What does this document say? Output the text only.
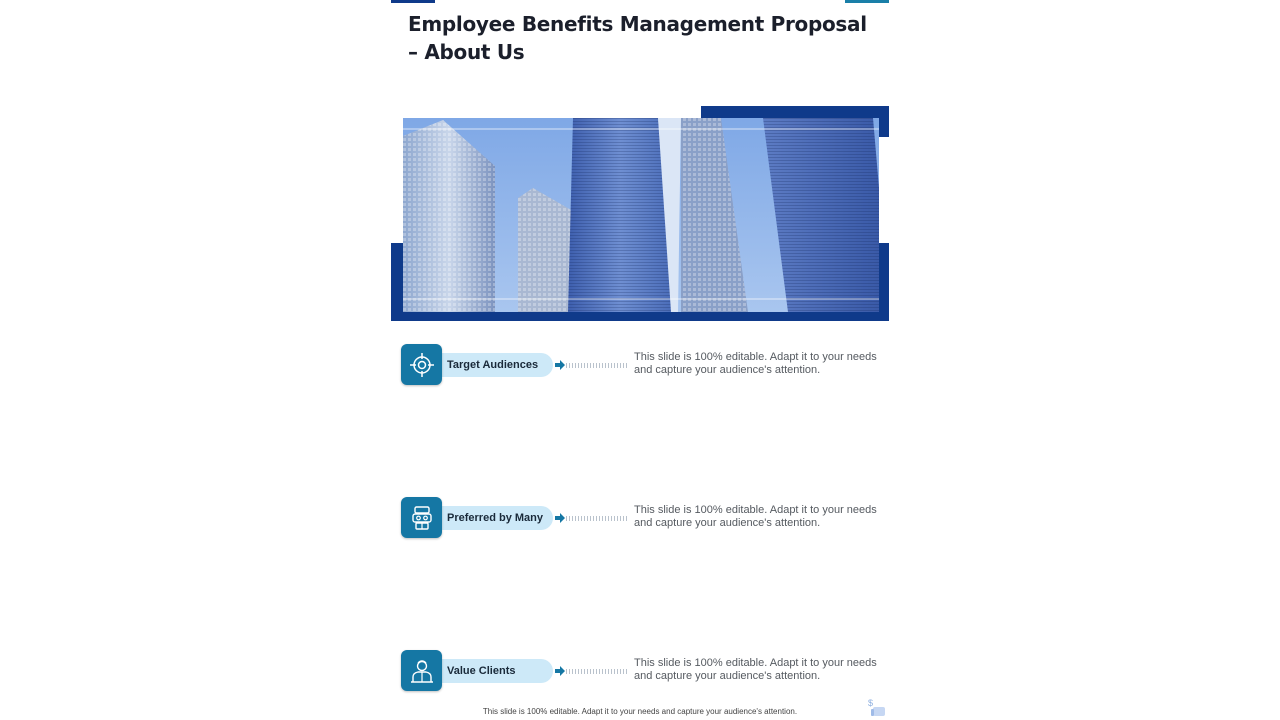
Employee Benefits Management Proposal – About Us
Target Audiences

This slide is 100% editable. Adapt it to your needs and capture your audience's attention.

Preferred by Many

This slide is 100% editable. Adapt it to your needs and capture your audience's attention.

Value Clients

This slide is 100% editable. Adapt it to your needs and capture your audience's attention.

This slide is 100% editable. Adapt it to your needs and capture your audience's attention.
$
